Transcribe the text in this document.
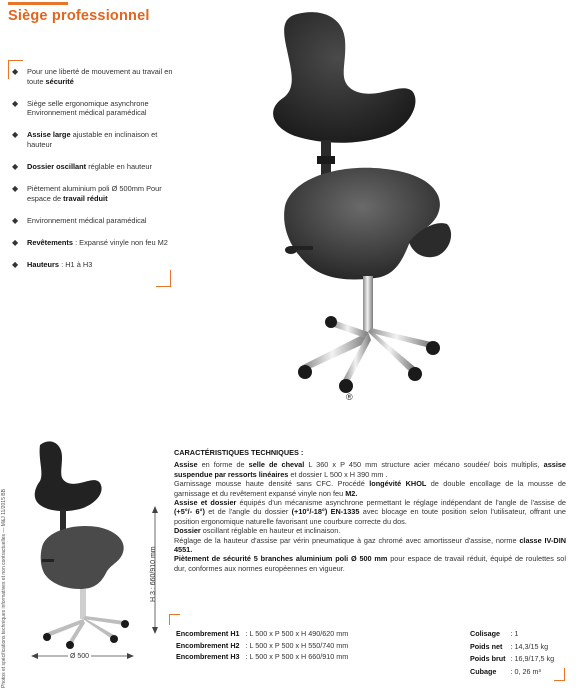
Siège professionnel
◆ Pour une liberté de mouvement au travail en toute sécurité
◆ Siège selle ergonomique asynchrone Environnement médical paramédical
◆ Assise large ajustable en inclinaison et hauteur
◆ Dossier oscillant réglable en hauteur
◆ Piètement aluminium poli Ø 500mm Pour espace de travail réduit
◆ Environnement médical paramédical
◆ Revêtements : Expansé vinyle non feu M2
◆ Hauteurs : H1 à H3
®
Photos et spécifications techniques informatives et non contractuelles — M&J 11/2015 BB	H 3 : 660/910 mm
Ø 500
CARACTÉRISTIQUES TECHNIQUES :

Assise en forme de selle de cheval L 360 x P 450 mm structure acier mécano soudée/ bois multiplis, assise suspendue par ressorts linéaires et dossier L 500 x H 390 mm .

Garnissage mousse haute densité sans CFC. Procédé longévité KHOL de double encollage de la mousse de garnissage et du revêtement expansé vinyle non feu M2.

Assise et dossier équipés d'un mécanisme asynchrone permettant le réglage indépendant de l'angle de l'assise de (+5°/- 6°) et de l'angle du dossier (+10°/-18°) EN-1335 avec blocage en toute position selon l'utilisateur, offrant une position ergonomique naturelle favorisant une courbure correcte du dos.

Dossier oscillant réglable en hauteur et inclinaison.

Réglage de la hauteur d'assise par vérin pneumatique à gaz chromé avec amortisseur d'assise, norme classe IV-DIN 4551.

Piètement de sécurité 5 branches aluminium poli Ø 500 mm pour espace de travail réduit, équipé de roulettes sol dur, conformes aux normes européennes en vigueur.

Encombrement H1	: L 500 x P 500 x H 490/620 mm
Encombrement H2	: L 500 x P 500 x H 550/740 mm
Encombrement H3	: L 500 x P 500 x H 660/910 mm
Colisage	: 1
Poids net	: 14,3/15 kg
Poids brut	: 16,9/17,5 kg
Cubage	: 0, 26 m³
